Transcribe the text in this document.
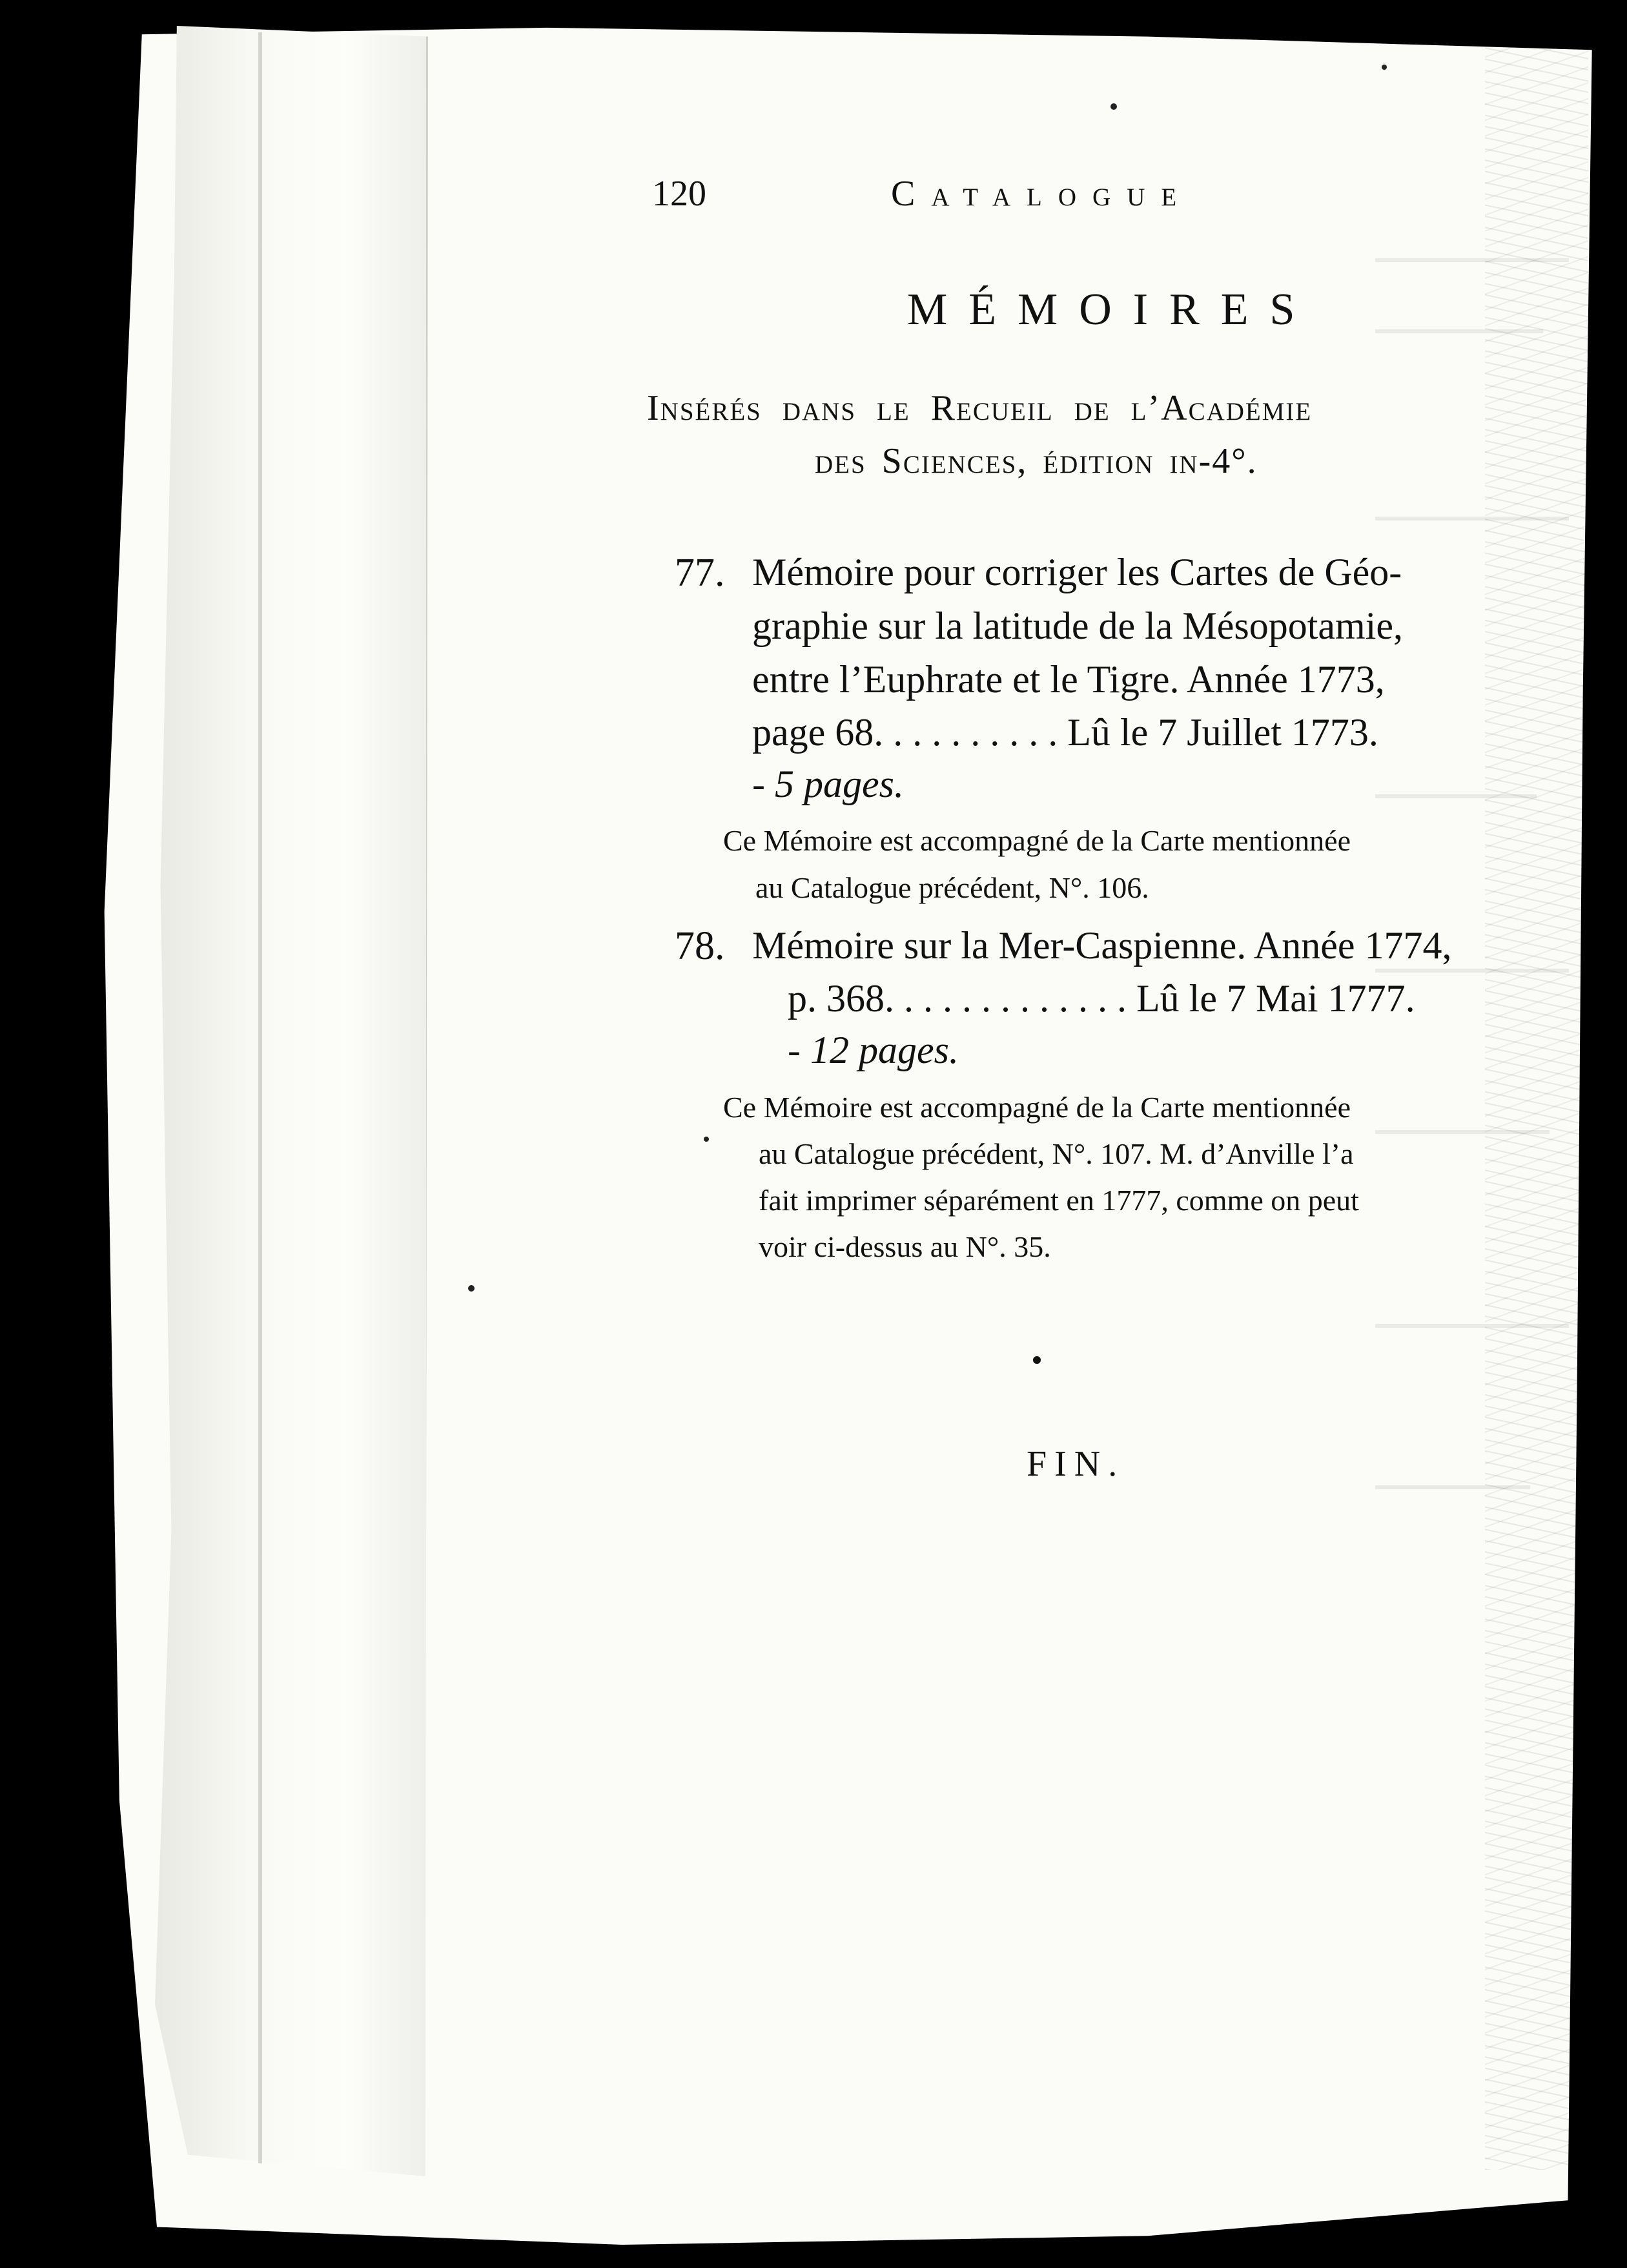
120	Catalogue
MÉMOIRES
Insérés dans le Recueil de l’Académie
des Sciences, édition in-4°.
77. Mémoire pour corriger les Cartes de Géo-
graphie sur la latitude de la Mésopotamie,
entre l’Euphrate et le Tigre. Année 1773,
page 68. . . . . . . . . . Lû le 7 Juillet 1773.
- 5 pages.
Ce Mémoire est accompagné de la Carte mentionnée
au Catalogue précédent, N°. 106.
78. Mémoire sur la Mer-Caspienne. Année 1774,
p. 368. . . . . . . . . . . . . Lû le 7 Mai 1777.
- 12 pages.
Ce Mémoire est accompagné de la Carte mentionnée
au Catalogue précédent, N°. 107. M. d’Anville l’a
fait imprimer séparément en 1777, comme on peut
voir ci-dessus au N°. 35.
FIN.
